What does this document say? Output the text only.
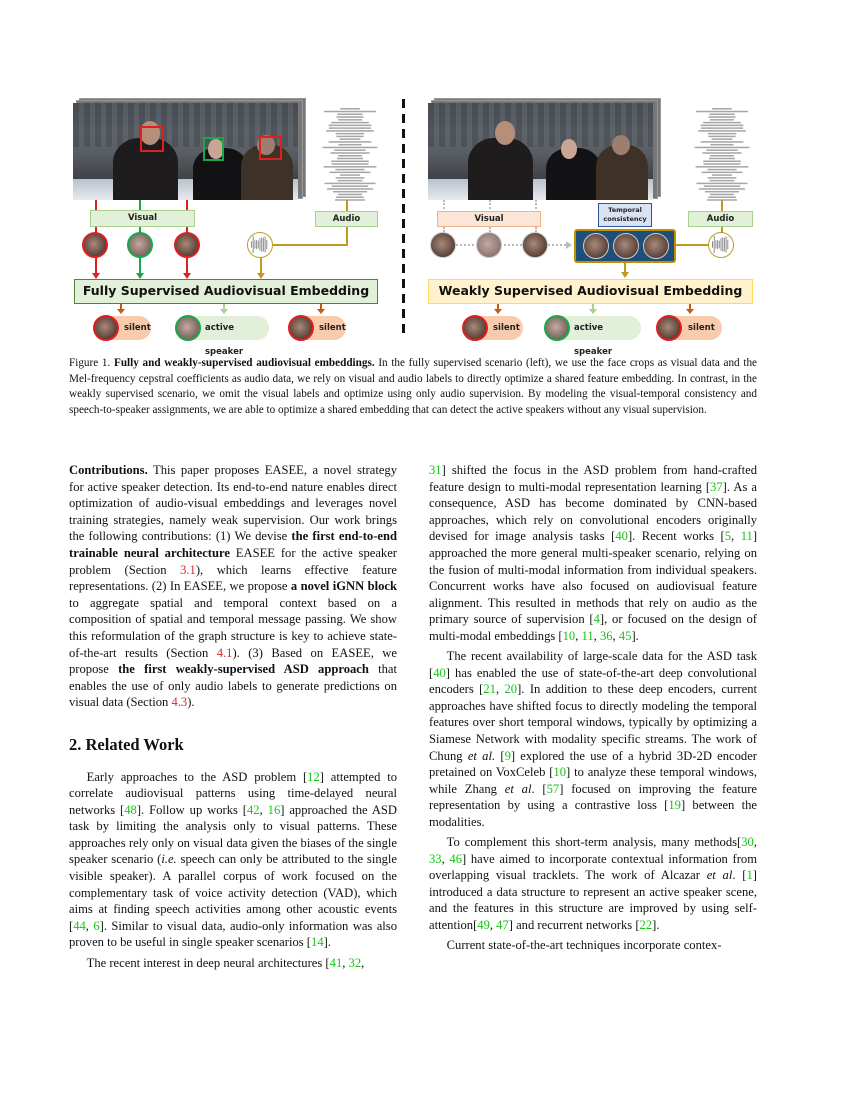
Visual	Audio
Fully Supervised Audiovisual Embedding
silent	active speaker
silent
Visual
Temporal
consistency	Audio
Weakly Supervised Audiovisual Embedding
silent	active speaker
silent
Figure 1. Fully and weakly-supervised audiovisual embeddings. In the fully supervised scenario (left), we use the face crops as visual data and the Mel-frequency cepstral coefficients as audio data, we rely on visual and audio labels to directly optimize a shared feature embedding. In contrast, in the weakly supervised scenario, we omit the visual labels and optimize using only audio supervision. By modeling the visual-temporal consistency and speech-to-speaker assignments, we are able to optimize a shared embedding that can detect the active speakers without any visual supervision.

Contributions. This paper proposes EASEE, a novel strategy for active speaker detection. Its end-to-end nature enables direct optimization of audio-visual embeddings and leverages novel training strategies, namely weak supervision. Our work brings the following contributions: (1) We devise the first end-to-end trainable neural architecture EASEE for the active speaker problem (Section 3.1), which learns effective feature representations. (2) In EASEE, we propose a novel iGNN block to aggregate spatial and temporal context based on a composition of spatial and temporal message passing. We show this reformulation of the graph structure is key to achieve state-of-the-art results (Section 4.1). (3) Based on EASEE, we propose the first weakly-supervised ASD approach that enables the use of only audio labels to generate predictions on visual data (Section 4.3).

2. Related Work

Early approaches to the ASD problem [12] attempted to correlate audiovisual patterns using time-delayed neural networks [48]. Follow up works [42, 16] approached the ASD task by limiting the analysis only to visual patterns. These approaches rely only on visual data given the biases of the single speaker scenario (i.e. speech can only be attributed to the single visible speaker). A parallel corpus of work focused on the complementary task of voice activity detection (VAD), which aims at finding speech activities among other acoustic events [44, 6]. Similar to visual data, audio-only information was also proven to be useful in single speaker scenarios [14].

The recent interest in deep neural architectures [41, 32,

31] shifted the focus in the ASD problem from hand-crafted feature design to multi-modal representation learning [37]. As a consequence, ASD has become dominated by CNN-based approaches, which rely on convolutional encoders originally devised for image analysis tasks [40]. Recent works [5, 11] approached the more general multi-speaker scenario, relying on the fusion of multi-modal information from individual speakers. Concurrent works have also focused on audiovisual feature alignment. This resulted in methods that rely on audio as the primary source of supervision [4], or focused on the design of multi-modal embeddings [10, 11, 36, 45].

The recent availability of large-scale data for the ASD task [40] has enabled the use of state-of-the-art deep convolutional encoders [21, 20]. In addition to these deep encoders, current approaches have shifted focus to directly modeling the temporal features over short temporal windows, typically by optimizing a Siamese Network with modality specific streams. The work of Chung et al. [9] explored the use of a hybrid 3D-2D encoder pretained on VoxCeleb [10] to analyze these temporal windows, while Zhang et al. [57] focused on improving the feature representation by using a contrastive loss [19] between the modalities.

To complement this short-term analysis, many methods[30, 33, 46] have aimed to incorporate contextual information from overlapping visual tracklets. The work of Alcazar et al. [1] introduced a data structure to represent an active speaker scene, and the features in this structure are improved by using self-attention[49, 47] and recurrent networks [22].

Current state-of-the-art techniques incorporate contex-
